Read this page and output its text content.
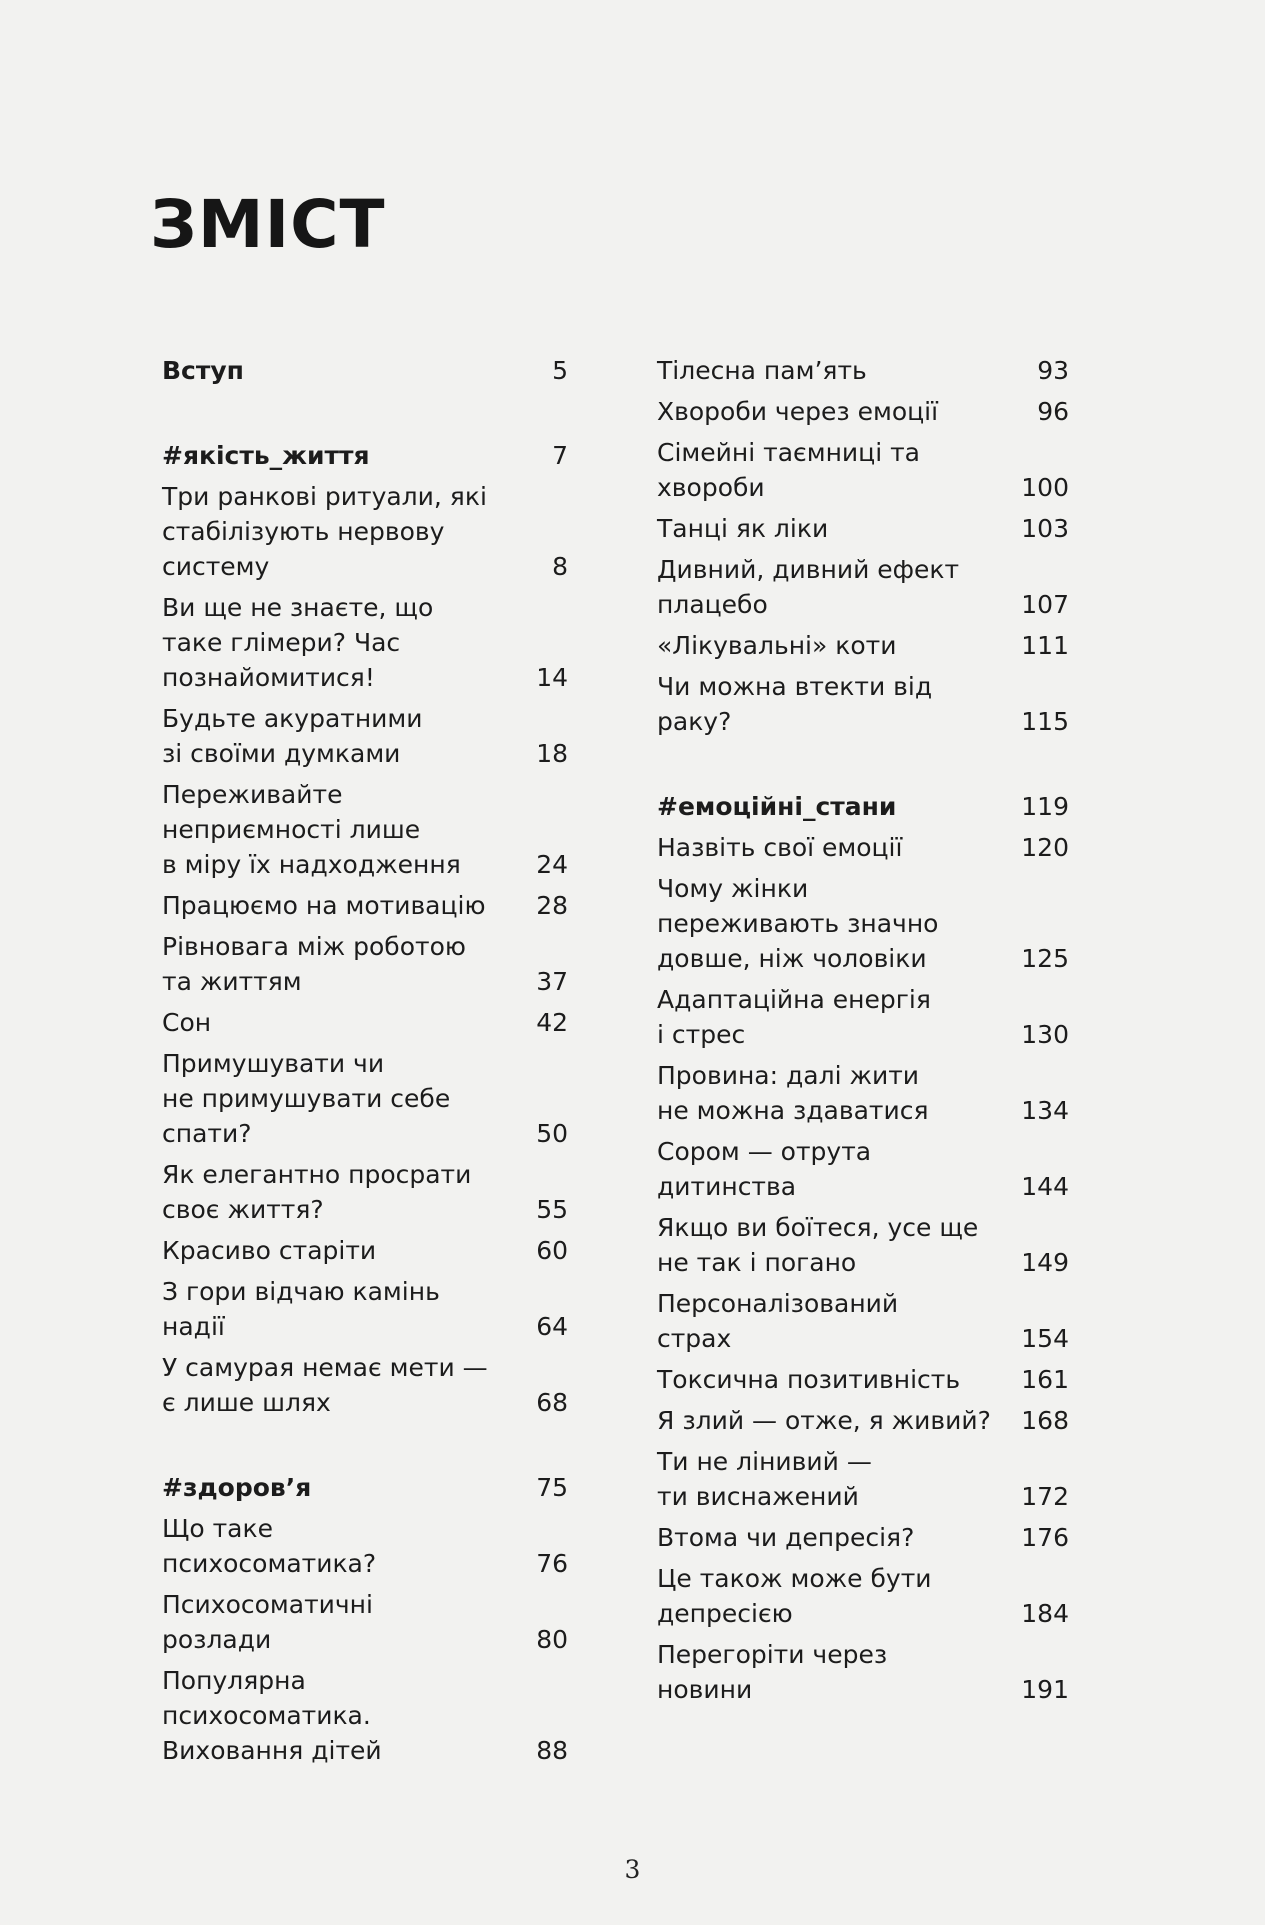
ЗМІСТ
Вступ	5
#якість_життя	7
Три ранкові ритуали, які
стабілізують нервову
систему	8
Ви ще не знаєте, що
таке глімери? Час
познайомитися!	14
Будьте акуратними
зі своїми думками	18
Переживайте
неприємності лише
в міру їх надходження	24
Працюємо на мотивацію	28
Рівновага між роботою
та життям	37
Сон	42
Примушувати чи
не примушувати себе
спати?	50
Як елегантно просрати
своє життя?	55
Красиво старіти	60
З гори відчаю камінь
надії	64
У самурая немає мети —
є лише шлях	68
#здоров’я	75
Що таке
психосоматика?	76
Психосоматичні
розлади	80
Популярна
психосоматика.
Виховання дітей	88
Тілесна пам’ять	93
Хвороби через емоції	96
Сімейні таємниці та
хвороби	100
Танці як ліки	103
Дивний, дивний ефект
плацебо	107
«Лікувальні» коти	111
Чи можна втекти від
раку?	115
#емоційні_стани	119
Назвіть свої емоції	120
Чому жінки
переживають значно
довше, ніж чоловіки	125
Адаптаційна енергія
і стрес	130
Провина: далі жити
не можна здаватися	134
Сором — отрута
дитинства	144
Якщо ви боїтеся, усе ще
не так і погано	149
Персоналізований
страх	154
Токсична позитивність	161
Я злий — отже, я живий?	168
Ти не лінивий —
ти виснажений	172
Втома чи депресія?	176
Це також може бути
депресією	184
Перегоріти через
новини	191
3
